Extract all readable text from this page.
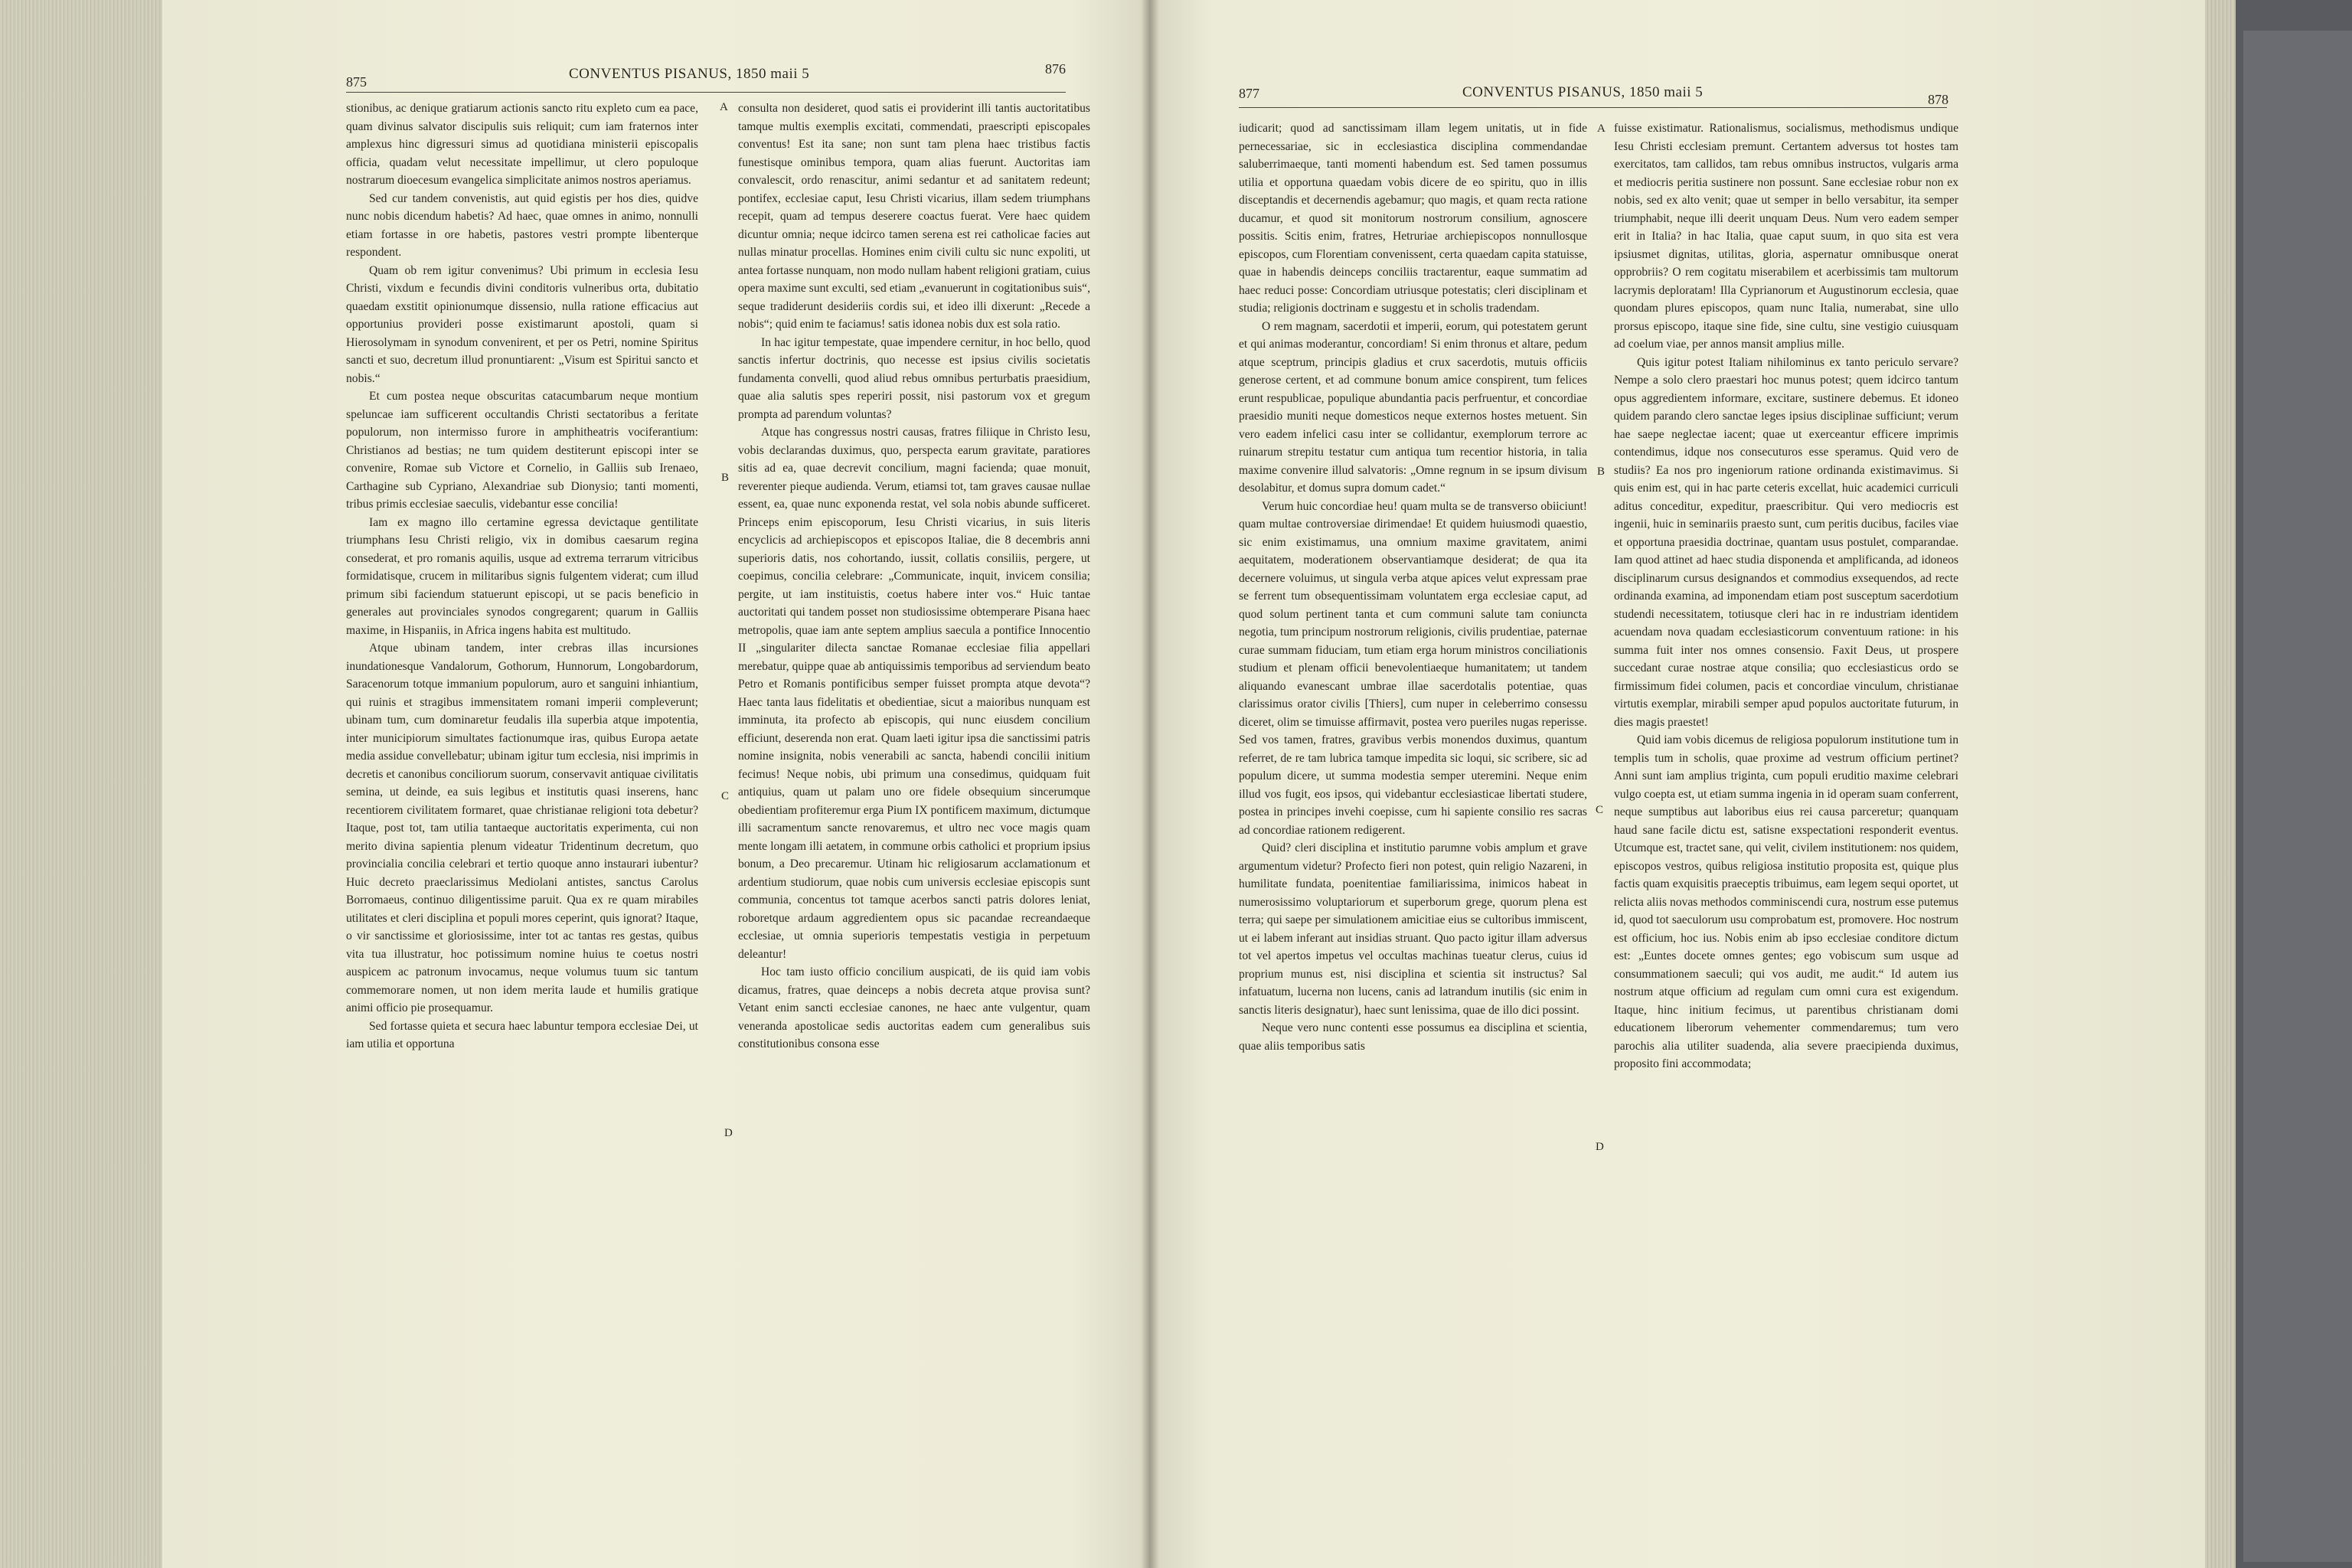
875	CONVENTUS PISANUS, 1850 maii 5	876
877	CONVENTUS PISANUS, 1850 maii 5	878

stionibus, ac denique gratiarum actionis sancto ritu expleto cum ea pace, quam divinus salvator discipulis suis reliquit; cum iam fraternos inter amplexus hinc digressuri simus ad quotidiana ministerii episcopalis officia, quadam velut necessitate impellimur, ut clero populoque nostrarum dioecesum evangelica simplicitate animos nostros aperiamus.

Sed cur tandem convenistis, aut quid egistis per hos dies, quidve nunc nobis dicendum habetis? Ad haec, quae omnes in animo, nonnulli etiam fortasse in ore habetis, pastores vestri prompte libenterque respondent.

Quam ob rem igitur convenimus? Ubi primum in ecclesia Iesu Christi, vixdum e fecundis divini conditoris vulneribus orta, dubitatio quaedam exstitit opinionumque dissensio, nulla ratione efficacius aut opportunius provideri posse existimarunt apostoli, quam si Hierosolymam in synodum convenirent, et per os Petri, nomine Spiritus sancti et suo, decretum illud pronuntiarent: „Visum est Spiritui sancto et nobis.“

Et cum postea neque obscuritas catacumbarum neque montium speluncae iam sufficerent occultandis Christi sectatoribus a feritate populorum, non intermisso furore in amphitheatris vociferantium: Christianos ad bestias; ne tum quidem destiterunt episcopi inter se convenire, Romae sub Victore et Cornelio, in Galliis sub Irenaeo, Carthagine sub Cypriano, Alexandriae sub Dionysio; tanti momenti, tribus primis ecclesiae saeculis, videbantur esse concilia!

Iam ex magno illo certamine egressa devictaque gentilitate triumphans Iesu Christi religio, vix in domibus caesarum regina consederat, et pro romanis aquilis, usque ad extrema terrarum vitricibus formidatisque, crucem in militaribus signis fulgentem viderat; cum illud primum sibi faciendum statuerunt episcopi, ut se pacis beneficio in generales aut provinciales synodos congregarent; quarum in Galliis maxime, in Hispaniis, in Africa ingens habita est multitudo.

Atque ubinam tandem, inter crebras illas incursiones inundationesque Vandalorum, Gothorum, Hunnorum, Longobardorum, Saracenorum totque immanium populorum, auro et sanguini inhiantium, qui ruinis et stragibus immensitatem romani imperii compleverunt; ubinam tum, cum dominaretur feudalis illa superbia atque impotentia, inter municipiorum simultates factionumque iras, quibus Europa aetate media assidue convellebatur; ubinam igitur tum ecclesia, nisi imprimis in decretis et canonibus conciliorum suorum, conservavit antiquae civilitatis semina, ut deinde, ea suis legibus et institutis quasi inserens, hanc recentiorem civilitatem formaret, quae christianae religioni tota debetur? Itaque, post tot, tam utilia tantaeque auctoritatis experimenta, cui non merito divina sapientia plenum videatur Tridentinum decretum, quo provincialia concilia celebrari et tertio quoque anno instaurari iubentur? Huic decreto praeclarissimus Mediolani antistes, sanctus Carolus Borromaeus, continuo diligentissime paruit. Qua ex re quam mirabiles utilitates et cleri disciplina et populi mores ceperint, quis ignorat? Itaque, o vir sanctissime et gloriosissime, inter tot ac tantas res gestas, quibus vita tua illustratur, hoc potissimum nomine huius te coetus nostri auspicem ac patronum invocamus, neque volumus tuum sic tantum commemorare nomen, ut non idem merita laude et humilis gratique animi officio pie prosequamur.

Sed fortasse quieta et secura haec labuntur tempora ecclesiae Dei, ut iam utilia et opportuna

consulta non desideret, quod satis ei providerint illi tantis auctoritatibus tamque multis exemplis excitati, commendati, praescripti episcopales conventus! Est ita sane; non sunt tam plena haec tristibus factis funestisque ominibus tempora, quam alias fuerunt. Auctoritas iam convalescit, ordo renascitur, animi sedantur et ad sanitatem redeunt; pontifex, ecclesiae caput, Iesu Christi vicarius, illam sedem triumphans recepit, quam ad tempus deserere coactus fuerat. Vere haec quidem dicuntur omnia; neque idcirco tamen serena est rei catholicae facies aut nullas minatur procellas. Homines enim civili cultu sic nunc expoliti, ut antea fortasse nunquam, non modo nullam habent religioni gratiam, cuius opera maxime sunt exculti, sed etiam „evanuerunt in cogitationibus suis“, seque tradiderunt desideriis cordis sui, et ideo illi dixerunt: „Recede a nobis“; quid enim te faciamus! satis idonea nobis dux est sola ratio.

In hac igitur tempestate, quae impendere cernitur, in hoc bello, quod sanctis infertur doctrinis, quo necesse est ipsius civilis societatis fundamenta convelli, quod aliud rebus omnibus perturbatis praesidium, quae alia salutis spes reperiri possit, nisi pastorum vox et gregum prompta ad parendum voluntas?

Atque has congressus nostri causas, fratres filiique in Christo Iesu, vobis declarandas duximus, quo, perspecta earum gravitate, paratiores sitis ad ea, quae decrevit concilium, magni facienda; quae monuit, reverenter pieque audienda. Verum, etiamsi tot, tam graves causae nullae essent, ea, quae nunc exponenda restat, vel sola nobis abunde sufficeret. Princeps enim episcoporum, Iesu Christi vicarius, in suis literis encyclicis ad archiepiscopos et episcopos Italiae, die 8 decembris anni superioris datis, nos cohortando, iussit, collatis consiliis, pergere, ut coepimus, concilia celebrare: „Communicate, inquit, invicem consilia; pergite, ut iam instituistis, coetus habere inter vos.“ Huic tantae auctoritati qui tandem posset non studiosissime obtemperare Pisana haec metropolis, quae iam ante septem amplius saecula a pontifice Innocentio II „singulariter dilecta sanctae Romanae ecclesiae filia appellari merebatur, quippe quae ab antiquissimis temporibus ad serviendum beato Petro et Romanis pontificibus semper fuisset prompta atque devota“? Haec tanta laus fidelitatis et obedientiae, sicut a maioribus nunquam est imminuta, ita profecto ab episcopis, qui nunc eiusdem concilium efficiunt, deserenda non erat. Quam laeti igitur ipsa die sanctissimi patris nomine insignita, nobis venerabili ac sancta, habendi concilii initium fecimus! Neque nobis, ubi primum una consedimus, quidquam fuit antiquius, quam ut palam uno ore fidele obsequium sincerumque obedientiam profiteremur erga Pium IX pontificem maximum, dictumque illi sacramentum sancte renovaremus, et ultro nec voce magis quam mente longam illi aetatem, in commune orbis catholici et proprium ipsius bonum, a Deo precaremur. Utinam hic religiosarum acclamationum et ardentium studiorum, quae nobis cum universis ecclesiae episcopis sunt communia, concentus tot tamque acerbos sancti patris dolores leniat, roboretque ardaum aggredientem opus sic pacandae recreandaeque ecclesiae, ut omnia superioris tempestatis vestigia in perpetuum deleantur!

Hoc tam iusto officio concilium auspicati, de iis quid iam vobis dicamus, fratres, quae deinceps a nobis decreta atque provisa sunt? Vetant enim sancti ecclesiae canones, ne haec ante vulgentur, quam veneranda apostolicae sedis auctoritas eadem cum generalibus suis constitutionibus consona esse

iudicarit; quod ad sanctissimam illam legem unitatis, ut in fide pernecessariae, sic in ecclesiastica disciplina commendandae saluberrimaeque, tanti momenti habendum est. Sed tamen possumus utilia et opportuna quaedam vobis dicere de eo spiritu, quo in illis disceptandis et decernendis agebamur; quo magis, et quam recta ratione ducamur, et quod sit monitorum nostrorum consilium, agnoscere possitis. Scitis enim, fratres, Hetruriae archiepiscopos nonnullosque episcopos, cum Florentiam convenissent, certa quaedam capita statuisse, quae in habendis deinceps conciliis tractarentur, eaque summatim ad haec reduci posse: Concordiam utriusque potestatis; cleri disciplinam et studia; religionis doctrinam e suggestu et in scholis tradendam.

O rem magnam, sacerdotii et imperii, eorum, qui potestatem gerunt et qui animas moderantur, concordiam! Si enim thronus et altare, pedum atque sceptrum, principis gladius et crux sacerdotis, mutuis officiis generose certent, et ad commune bonum amice conspirent, tum felices erunt respublicae, populique abundantia pacis perfruentur, et concordiae praesidio muniti neque domesticos neque externos hostes metuent. Sin vero eadem infelici casu inter se collidantur, exemplorum terrore ac ruinarum strepitu testatur cum antiqua tum recentior historia, in talia maxime convenire illud salvatoris: „Omne regnum in se ipsum divisum desolabitur, et domus supra domum cadet.“

Verum huic concordiae heu! quam multa se de transverso obiiciunt! quam multae controversiae dirimendae! Et quidem huiusmodi quaestio, sic enim existimamus, una omnium maxime gravitatem, animi aequitatem, moderationem observantiamque desiderat; de qua ita decernere voluimus, ut singula verba atque apices velut expressam prae se ferrent tum obsequentissimam voluntatem erga ecclesiae caput, ad quod solum pertinent tanta et cum communi salute tam coniuncta negotia, tum principum nostrorum religionis, civilis prudentiae, paternae curae summam fiduciam, tum etiam erga horum ministros conciliationis studium et plenam officii benevolentiaeque humanitatem; ut tandem aliquando evanescant umbrae illae sacerdotalis potentiae, quas clarissimus orator civilis [Thiers], cum nuper in celeberrimo consessu diceret, olim se timuisse affirmavit, postea vero pueriles nugas reperisse. Sed vos tamen, fratres, gravibus verbis monendos duximus, quantum referret, de re tam lubrica tamque impedita sic loqui, sic scribere, sic ad populum dicere, ut summa modestia semper uteremini. Neque enim illud vos fugit, eos ipsos, qui videbantur ecclesiasticae libertati studere, postea in principes invehi coepisse, cum hi sapiente consilio res sacras ad concordiae rationem redigerent.

Quid? cleri disciplina et institutio parumne vobis amplum et grave argumentum videtur? Profecto fieri non potest, quin religio Nazareni, in humilitate fundata, poenitentiae familiarissima, inimicos habeat in numerosissimo voluptariorum et superborum grege, quorum plena est terra; qui saepe per simulationem amicitiae eius se cultoribus immiscent, ut ei labem inferant aut insidias struant. Quo pacto igitur illam adversus tot vel apertos impetus vel occultas machinas tueatur clerus, cuius id proprium munus est, nisi disciplina et scientia sit instructus? Sal infatuatum, lucerna non lucens, canis ad latrandum inutilis (sic enim in sanctis literis designatur), haec sunt lenissima, quae de illo dici possint.

Neque vero nunc contenti esse possumus ea disciplina et scientia, quae aliis temporibus satis

fuisse existimatur. Rationalismus, socialismus, methodismus undique Iesu Christi ecclesiam premunt. Certantem adversus tot hostes tam exercitatos, tam callidos, tam rebus omnibus instructos, vulgaris arma et mediocris peritia sustinere non possunt. Sane ecclesiae robur non ex nobis, sed ex alto venit; quae ut semper in bello versabitur, ita semper triumphabit, neque illi deerit unquam Deus. Num vero eadem semper erit in Italia? in hac Italia, quae caput suum, in quo sita est vera ipsiusmet dignitas, utilitas, gloria, aspernatur omnibusque onerat opprobriis? O rem cogitatu miserabilem et acerbissimis tam multorum lacrymis deploratam! Illa Cyprianorum et Augustinorum ecclesia, quae quondam plures episcopos, quam nunc Italia, numerabat, sine ullo prorsus episcopo, itaque sine fide, sine cultu, sine vestigio cuiusquam ad coelum viae, per annos mansit amplius mille.

Quis igitur potest Italiam nihilominus ex tanto periculo servare? Nempe a solo clero praestari hoc munus potest; quem idcirco tantum opus aggredientem informare, excitare, sustinere debemus. Et idoneo quidem parando clero sanctae leges ipsius disciplinae sufficiunt; verum hae saepe neglectae iacent; quae ut exerceantur efficere imprimis contendimus, idque nos consecuturos esse speramus. Quid vero de studiis? Ea nos pro ingeniorum ratione ordinanda existimavimus. Si quis enim est, qui in hac parte ceteris excellat, huic academici curriculi aditus conceditur, expeditur, praescribitur. Qui vero mediocris est ingenii, huic in seminariis praesto sunt, cum peritis ducibus, faciles viae et opportuna praesidia doctrinae, quantam usus postulet, comparandae. Iam quod attinet ad haec studia disponenda et amplificanda, ad idoneos disciplinarum cursus designandos et commodius exsequendos, ad recte ordinanda examina, ad imponendam etiam post susceptum sacerdotium studendi necessitatem, totiusque cleri hac in re industriam identidem acuendam nova quadam ecclesiasticorum conventuum ratione: in his summa fuit inter nos omnes consensio. Faxit Deus, ut prospere succedant curae nostrae atque consilia; quo ecclesiasticus ordo se firmissimum fidei columen, pacis et concordiae vinculum, christianae virtutis exemplar, mirabili semper apud populos auctoritate futurum, in dies magis praestet!

Quid iam vobis dicemus de religiosa populorum institutione tum in templis tum in scholis, quae proxime ad vestrum officium pertinet? Anni sunt iam amplius triginta, cum populi eruditio maxime celebrari vulgo coepta est, ut etiam summa ingenia in id operam suam conferrent, neque sumptibus aut laboribus eius rei causa parceretur; quanquam haud sane facile dictu est, satisne exspectationi responderit eventus. Utcumque est, tractet sane, qui velit, civilem institutionem: nos quidem, episcopos vestros, quibus religiosa institutio proposita est, quique plus factis quam exquisitis praeceptis tribuimus, eam legem sequi oportet, ut relicta aliis novas methodos comminiscendi cura, nostrum esse putemus id, quod tot saeculorum usu comprobatum est, promovere. Hoc nostrum est officium, hoc ius. Nobis enim ab ipso ecclesiae conditore dictum est: „Euntes docete omnes gentes; ego vobiscum sum usque ad consummationem saeculi; qui vos audit, me audit.“ Id autem ius nostrum atque officium ad regulam cum omni cura est exigendum. Itaque, hinc initium fecimus, ut parentibus christianam domi educationem liberorum vehementer commendaremus; tum vero parochis alia utiliter suadenda, alia severe praecipienda duximus, proposito fini accommodata;

A
B
C
D
A
B
C
D
